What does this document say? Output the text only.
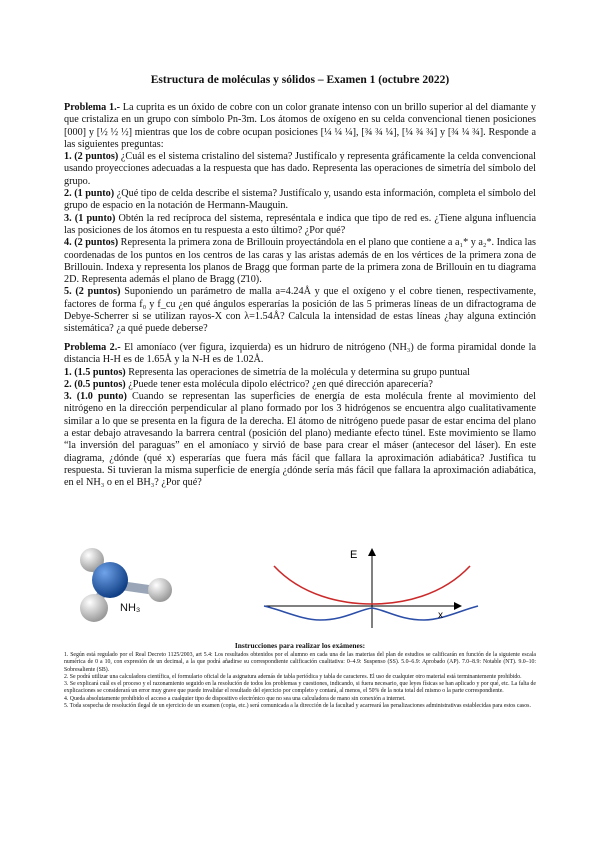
Estructura de moléculas y sólidos – Examen 1 (octubre 2022)

Problema 1.- La cuprita es un óxido de cobre con un color granate intenso con un brillo superior al del diamante y que cristaliza en un grupo con símbolo Pn-3m. Los átomos de oxígeno en su celda convencional tienen posiciones [000] y [½ ½ ½] mientras que los de cobre ocupan posiciones [¼ ¼ ¼], [¾ ¾ ¼], [¼ ¾ ¾] y [¾ ¼ ¾]. Responde a las siguientes preguntas:

1. (2 puntos) ¿Cuál es el sistema cristalino del sistema? Justifícalo y representa gráficamente la celda convencional usando proyecciones adecuadas a la respuesta que has dado. Representa las operaciones de simetría del símbolo del grupo.

2. (1 punto) ¿Qué tipo de celda describe el sistema? Justifícalo y, usando esta información, completa el símbolo del grupo de espacio en la notación de Hermann-Mauguin.

3. (1 punto) Obtén la red recíproca del sistema, represéntala e indica que tipo de red es. ¿Tiene alguna influencia las posiciones de los átomos en tu respuesta a esto último? ¿Por qué?

4. (2 puntos) Representa la primera zona de Brillouin proyectándola en el plano que contiene a a₁* y a₂*. Indica las coordenadas de los puntos en los centros de las caras y las aristas además de en los vértices de la primera zona de Brillouin. Indexa y representa los planos de Bragg que forman parte de la primera zona de Brillouin en tu diagrama 2D. Representa además el plano de Bragg (2̄10).

5. (2 puntos) Suponiendo un parámetro de malla a=4.24Å y que el oxígeno y el cobre tienen, respectivamente, factores de forma f₀ y f_cu ¿en qué ángulos esperarías la posición de las 5 primeras líneas de un difractograma de Debye-Scherrer si se utilizan rayos-X con λ=1.54Å? Calcula la intensidad de estas líneas ¿hay alguna extinción sistemática? ¿a qué puede deberse?

Problema 2.- El amoníaco (ver figura, izquierda) es un hidruro de nitrógeno (NH₃) de forma piramidal donde la distancia H-H es de 1.65Å y la N-H es de 1.02Å.

1. (1.5 puntos) Representa las operaciones de simetría de la molécula y determina su grupo puntual

2. (0.5 puntos) ¿Puede tener esta molécula dipolo eléctrico? ¿en qué dirección aparecería?

3. (1.0 punto) Cuando se representan las superficies de energía de esta molécula frente al movimiento del nitrógeno en la dirección perpendicular al plano formado por los 3 hidrógenos se encuentra algo cualitativamente similar a lo que se presenta en la figura de la derecha. El átomo de nitrógeno puede pasar de estar encima del plano a estar debajo atravesando la barrera central (posición del plano) mediante efecto túnel. Este movimiento se llamo “la inversión del paraguas” en el amoníaco y sirvió de base para crear el máser (antecesor del láser). En este diagrama, ¿dónde (qué x) esperarías que fuera más fácil que fallara la aproximación adiabática? Justifica tu respuesta. Si tuvieran la misma superficie de energía ¿dónde sería más fácil que fallara la aproximación adiabática, en el NH₃ o en el BH₃? ¿Por qué?

NH₃
E
x
Instrucciones para realizar los exámenes:

1. Según está regulado por el Real Decreto 1125/2003, art 5.4: Los resultados obtenidos por el alumno en cada una de las materias del plan de estudios se calificarán en función de la siguiente escala numérica de 0 a 10, con expresión de un decimal, a la que podrá añadirse su correspondiente calificación cualitativa: 0–4.9: Suspenso (SS). 5.0–6.9: Aprobado (AP). 7.0–8.9: Notable (NT). 9.0–10: Sobresaliente (SB).

2. Se podrá utilizar una calculadora científica, el formulario oficial de la asignatura además de tabla periódica y tabla de caracteres. El uso de cualquier otro material está terminantemente prohibido.

3. Se explicará cuál es el proceso y el razonamiento seguido en la resolución de todos los problemas y cuestiones, indicando, si fuera necesario, que leyes físicas se han aplicado y por qué, etc. La falta de explicaciones se considerará un error muy grave que puede invalidar el resultado del ejercicio por completo y contará, al menos, el 50% de la nota total del mismo o la parte correspondiente.

4. Queda absolutamente prohibido el acceso a cualquier tipo de dispositivo electrónico que no sea una calculadora de mano sin conexión a internet.

5. Toda sospecha de resolución ilegal de un ejercicio de un examen (copia, etc.) será comunicada a la dirección de la facultad y acarreará las penalizaciones administrativas establecidas para estos casos.
